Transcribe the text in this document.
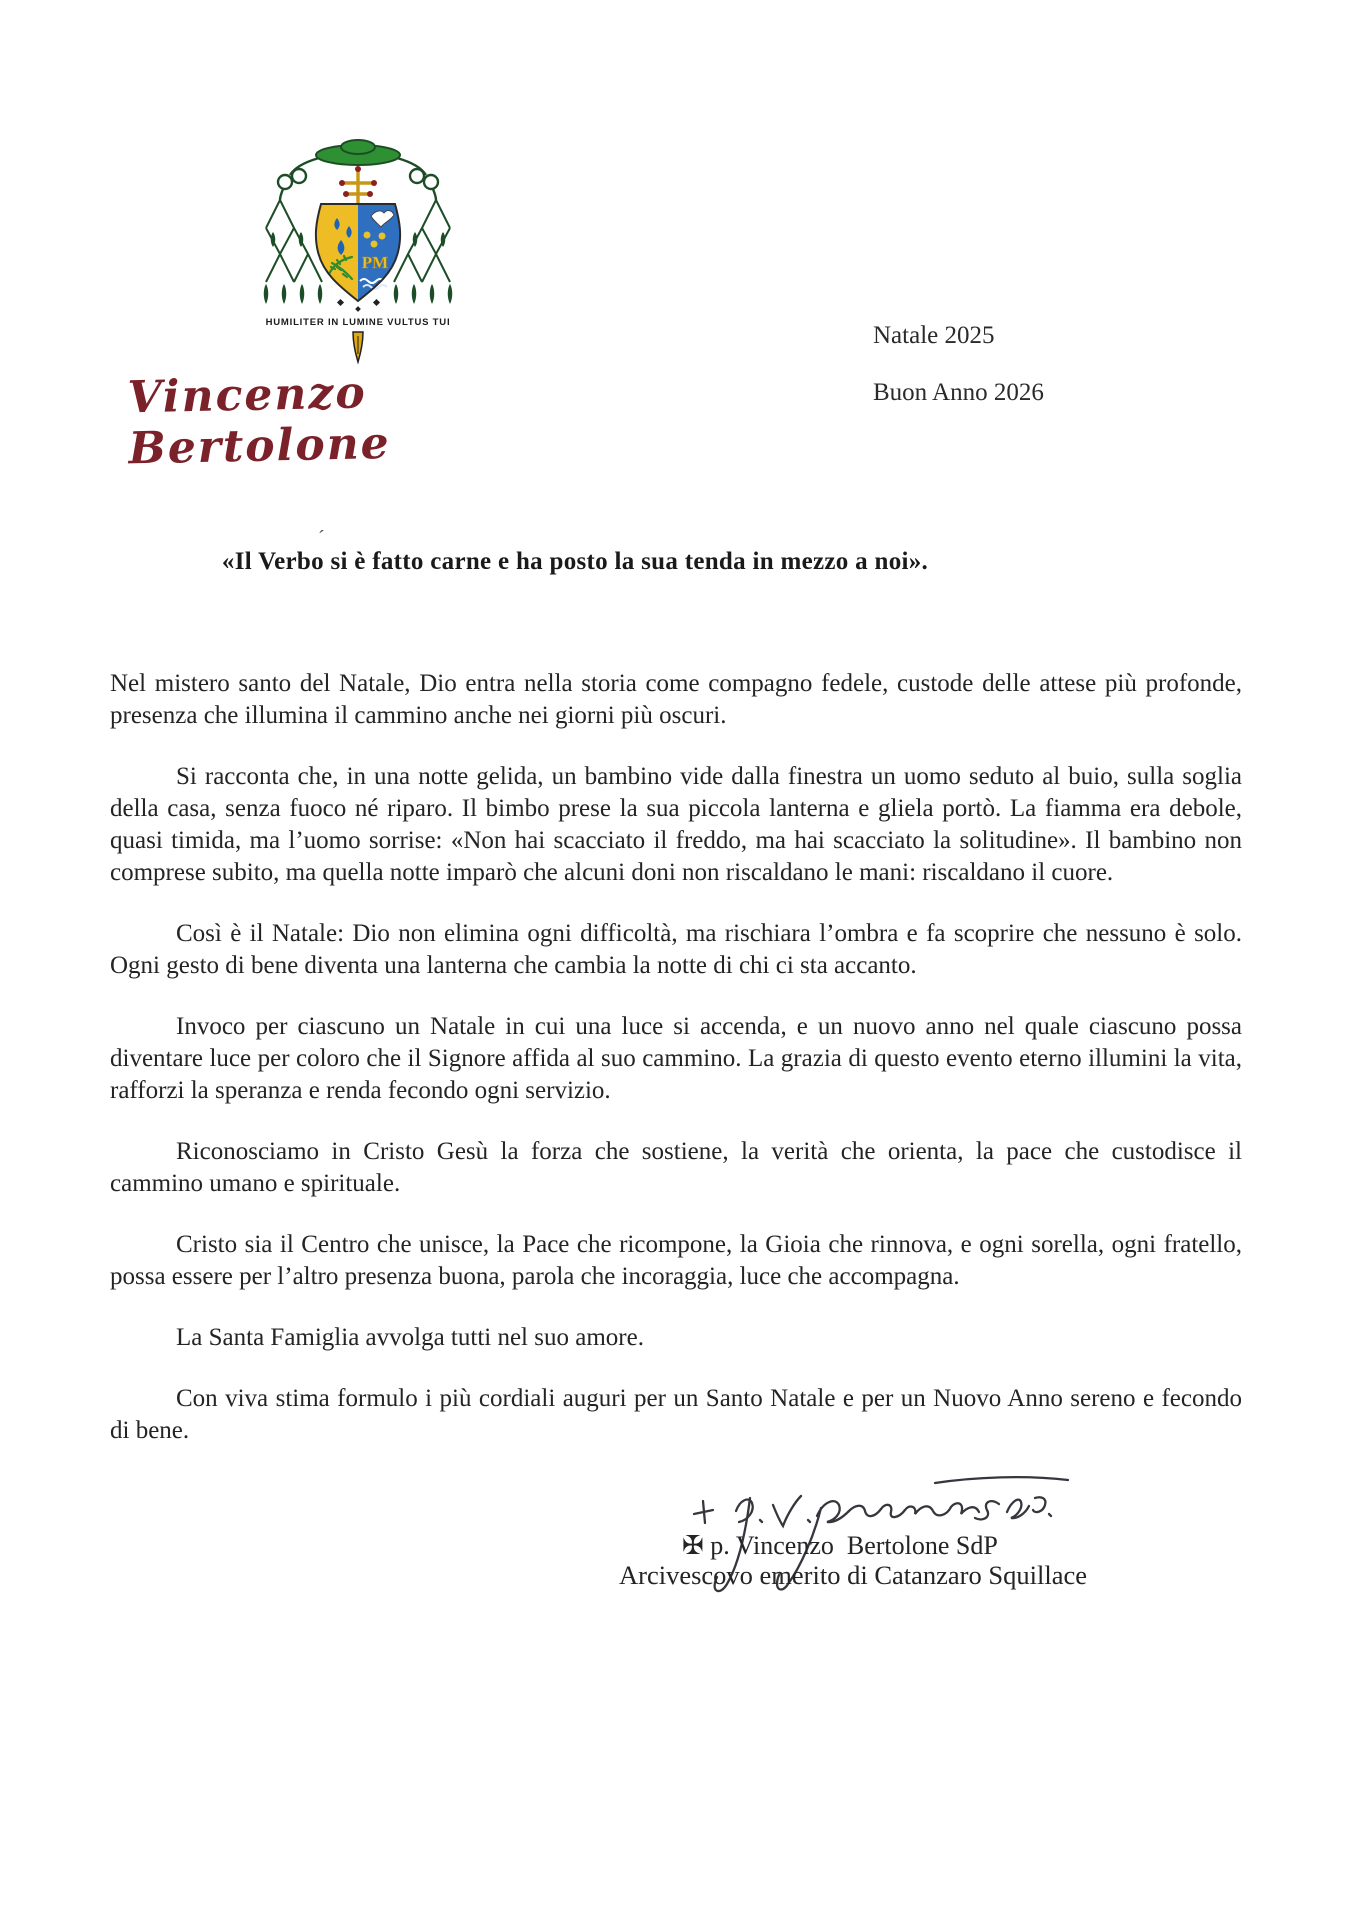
PM
HUMILITER IN LUMINE VULTUS TUI
Vincenzo Bertolone
Natale 2025
Buon Anno 2026
´
«Il Verbo si è fatto carne e ha posto la sua tenda in mezzo a noi».

Nel mistero santo del Natale, Dio entra nella storia come compagno fedele, custode delle attese più profonde, presenza che illumina il cammino anche nei giorni più oscuri.

Si racconta che, in una notte gelida, un bambino vide dalla finestra un uomo seduto al buio, sulla soglia della casa, senza fuoco né riparo. Il bimbo prese la sua piccola lanterna e gliela portò. La fiamma era debole, quasi timida, ma l’uomo sorrise: «Non hai scacciato il freddo, ma hai scacciato la solitudine». Il bambino non comprese subito, ma quella notte imparò che alcuni doni non riscaldano le mani: riscaldano il cuore.

Così è il Natale: Dio non elimina ogni difficoltà, ma rischiara l’ombra e fa scoprire che nessuno è solo. Ogni gesto di bene diventa una lanterna che cambia la notte di chi ci sta accanto.

Invoco per ciascuno un Natale in cui una luce si accenda, e un nuovo anno nel quale ciascuno possa diventare luce per coloro che il Signore affida al suo cammino. La grazia di questo evento eterno illumini la vita, rafforzi la speranza e renda fecondo ogni servizio.

Riconosciamo in Cristo Gesù la forza che sostiene, la verità che orienta, la pace che custodisce il cammino umano e spirituale.

Cristo sia il Centro che unisce, la Pace che ricompone, la Gioia che rinnova, e ogni sorella, ogni fratello, possa essere per l’altro presenza buona, parola che incoraggia, luce che accompagna.

La Santa Famiglia avvolga tutti nel suo amore.

Con viva stima formulo i più cordiali auguri per un Santo Natale e per un Nuovo Anno sereno e fecondo di bene.

✠ p. Vincenzo  Bertolone SdP
Arcivescovo emerito di Catanzaro Squillace
